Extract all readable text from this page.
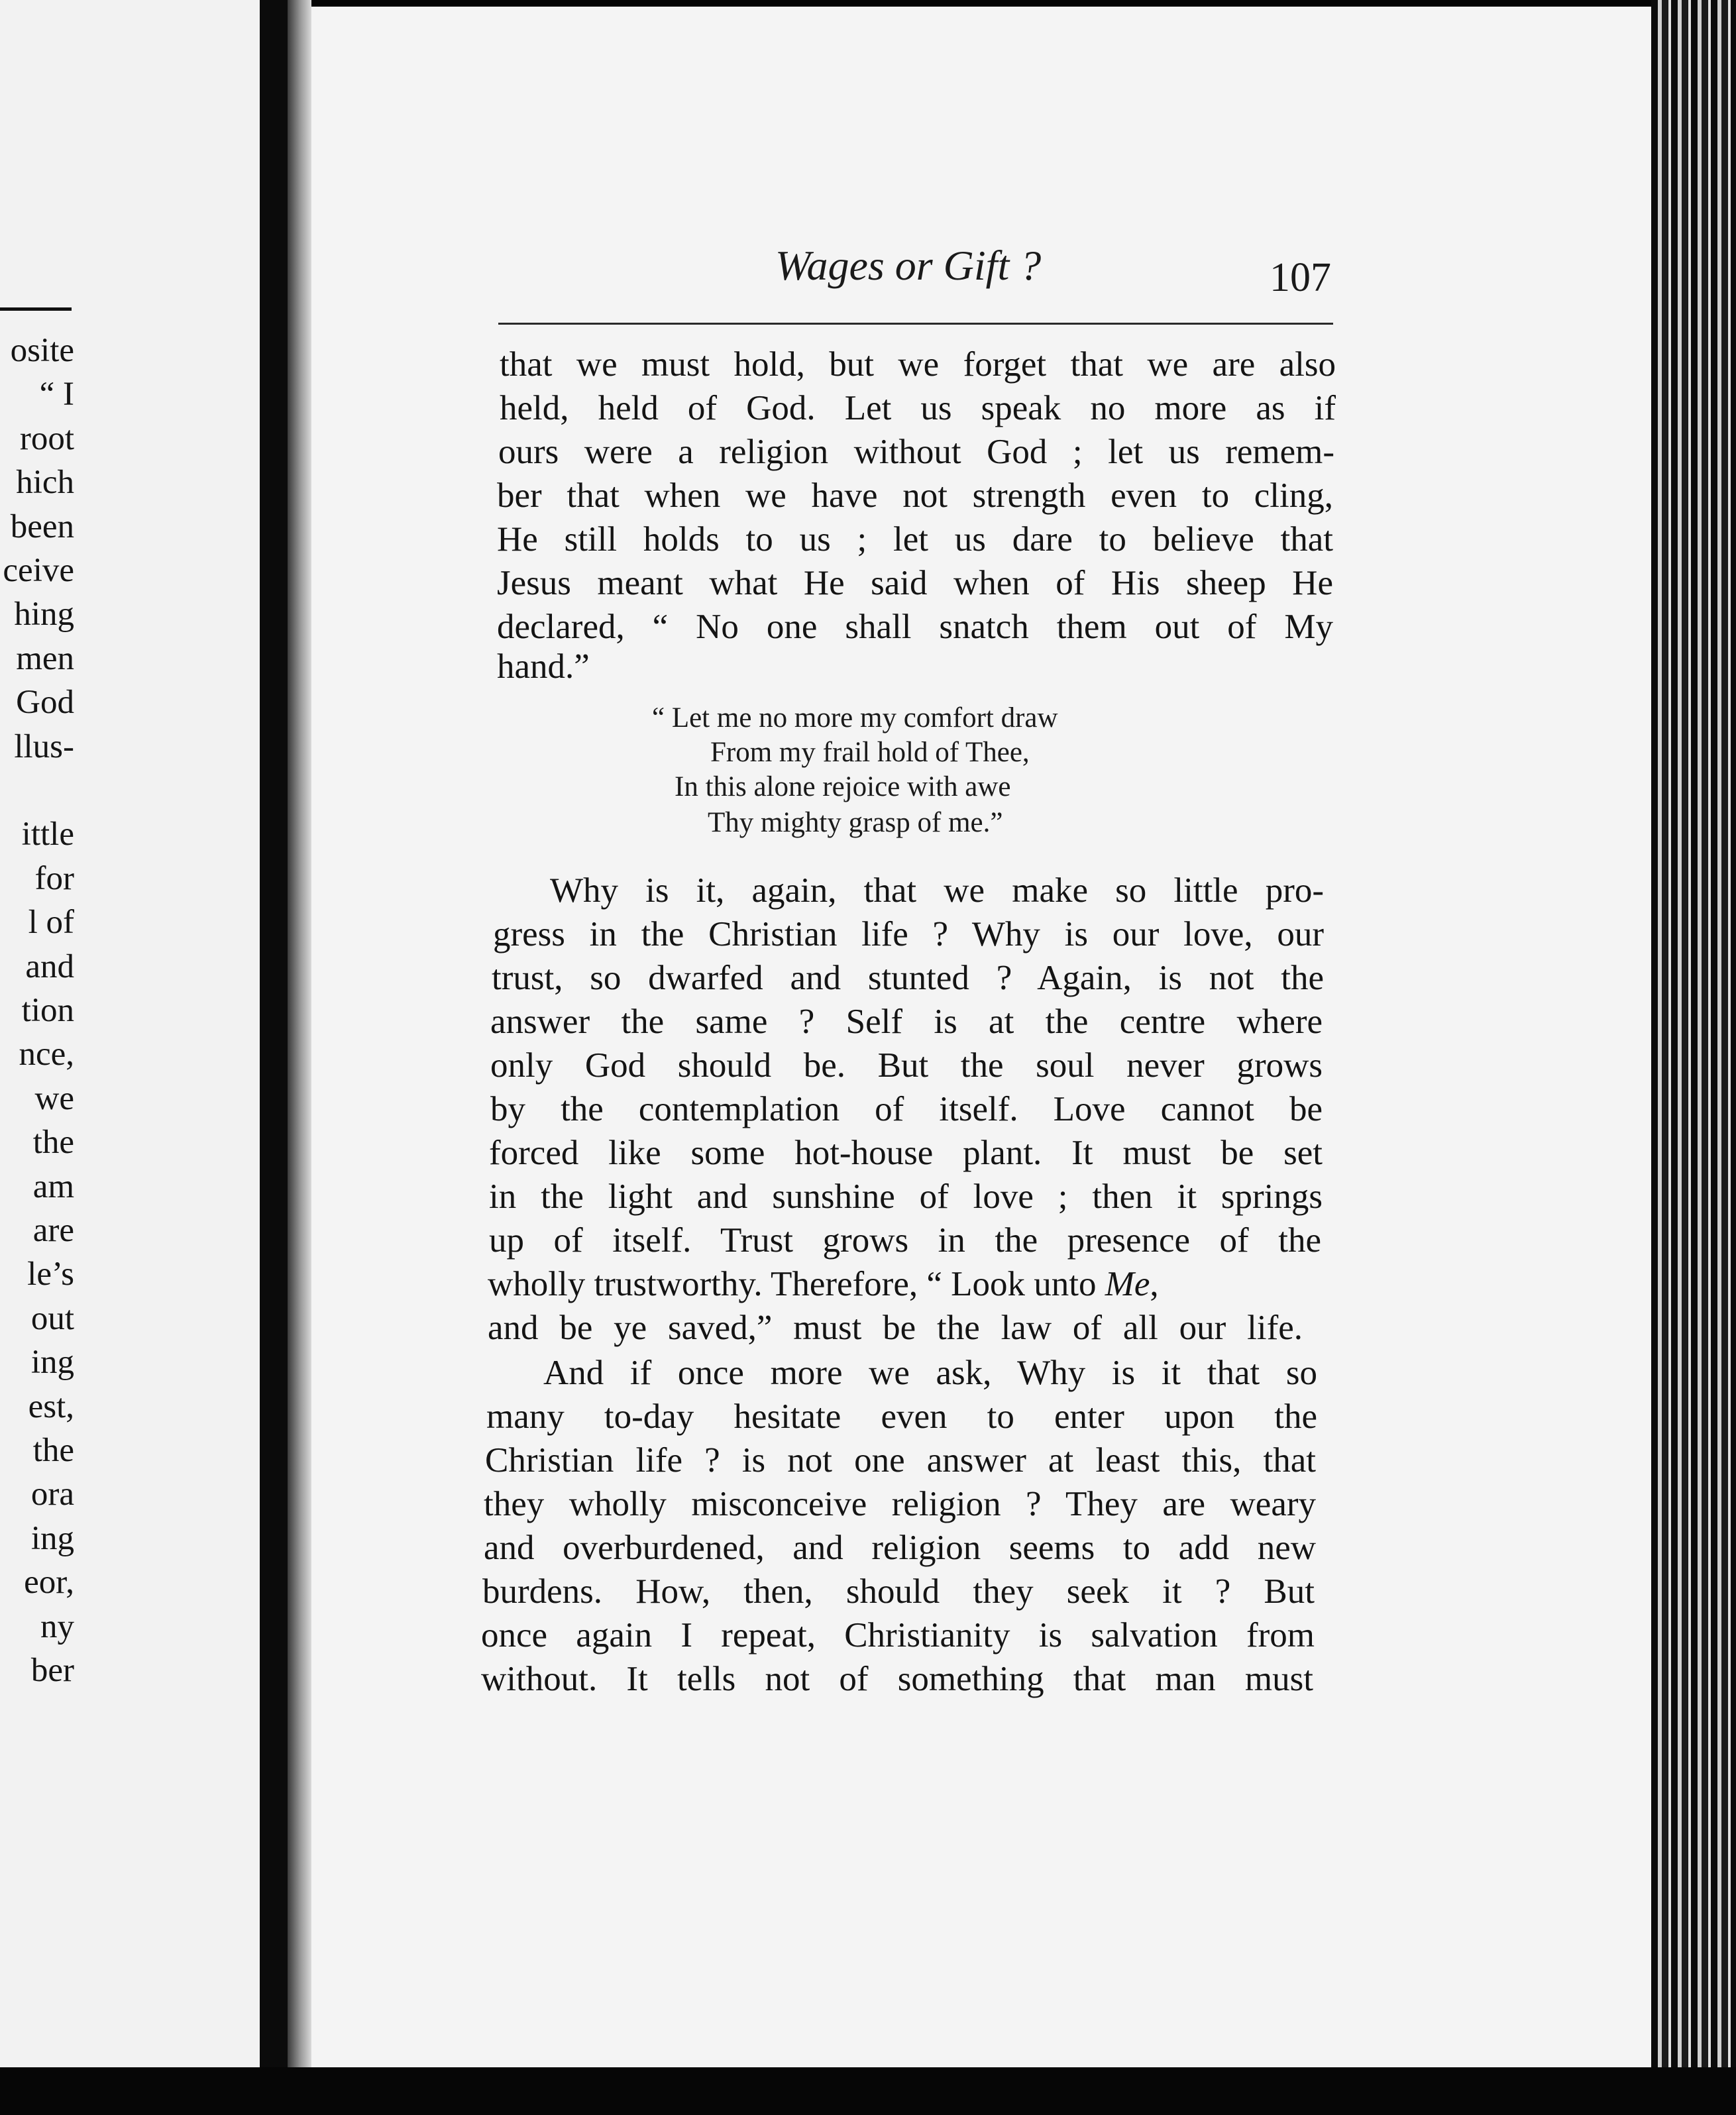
osite
“ I
root
hich
been
ceive
hing
men
God
llus-
ittle
for
l of
and
tion
nce,
we
the
am
are
le’s
out
ing
est,
the
ora
ing
eor,
ny
ber
Wages or Gift ?	107
that we must hold, but we forget that we are also
held, held of God. Let us speak no more as if
ours were a religion without God ; let us remem-
ber that when we have not strength even to cling,
He still holds to us ; let us dare to believe that
Jesus meant what He said when of His sheep He
declared, “ No one shall snatch them out of My
hand.”
“ Let me no more my comfort draw
From my frail hold of Thee,
In this alone rejoice with awe
Thy mighty grasp of me.”
Why is it, again, that we make so little pro-
gress in the Christian life ? Why is our love, our
trust, so dwarfed and stunted ? Again, is not the
answer the same ? Self is at the centre where
only God should be. But the soul never grows
by the contemplation of itself. Love cannot be
forced like some hot-house plant. It must be set
in the light and sunshine of love ; then it springs
up of itself. Trust grows in the presence of the
wholly trustworthy. Therefore, “ Look unto Me,
and be ye saved,” must be the law of all our life.
And if once more we ask, Why is it that so
many to-day hesitate even to enter upon the
Christian life ? is not one answer at least this, that
they wholly misconceive religion ? They are weary
and overburdened, and religion seems to add new
burdens. How, then, should they seek it ? But
once again I repeat, Christianity is salvation from
without. It tells not of something that man must
